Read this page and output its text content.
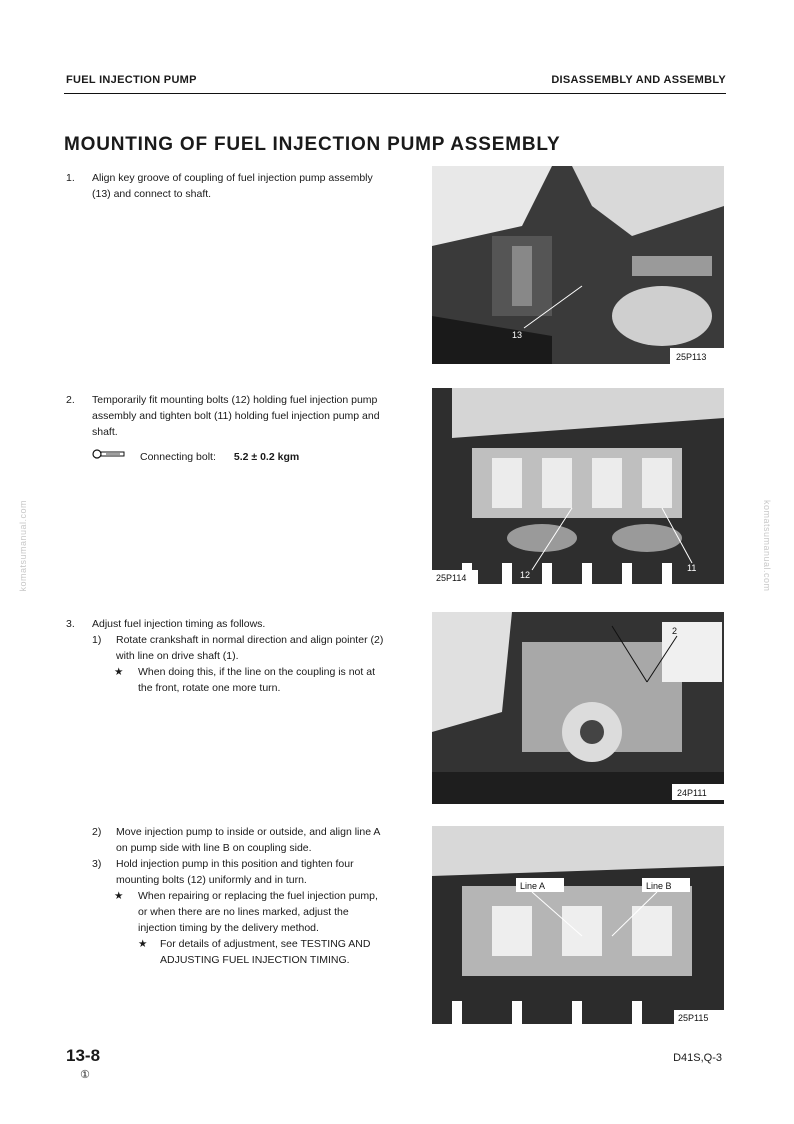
FUEL INJECTION PUMP	DISASSEMBLY AND ASSEMBLY
MOUNTING OF FUEL INJECTION PUMP ASSEMBLY
1.	Align key groove of coupling of fuel injection pump assembly (13) and connect to shaft.
13
25P113
2.	Temporarily fit mounting bolts (12) holding fuel injection pump assembly and tighten bolt (11) holding fuel injection pump and shaft.
Connecting bolt: 5.2 ± 0.2 kgm
12
11
25P114
3.	Adjust fuel injection timing as follows.
1) Rotate crankshaft in normal direction and align pointer (2) with line on drive shaft (1).
★ When doing this, if the line on the coupling is not at the front, rotate one more turn.
2
24P111
2) Move injection pump to inside or outside, and align line A on pump side with line B on coupling side.
3) Hold injection pump in this position and tighten four mounting bolts (12) uniformly and in turn.
★ When repairing or replacing the fuel injection pump, or when there are no lines marked, adjust the injection timing by the delivery method.
★ For details of adjustment, see TESTING AND ADJUSTING FUEL INJECTION TIMING.
Line A	Line B
25P115
komatsumanual.com	komatsumanual.com
13-8
①
D41S,Q-3
